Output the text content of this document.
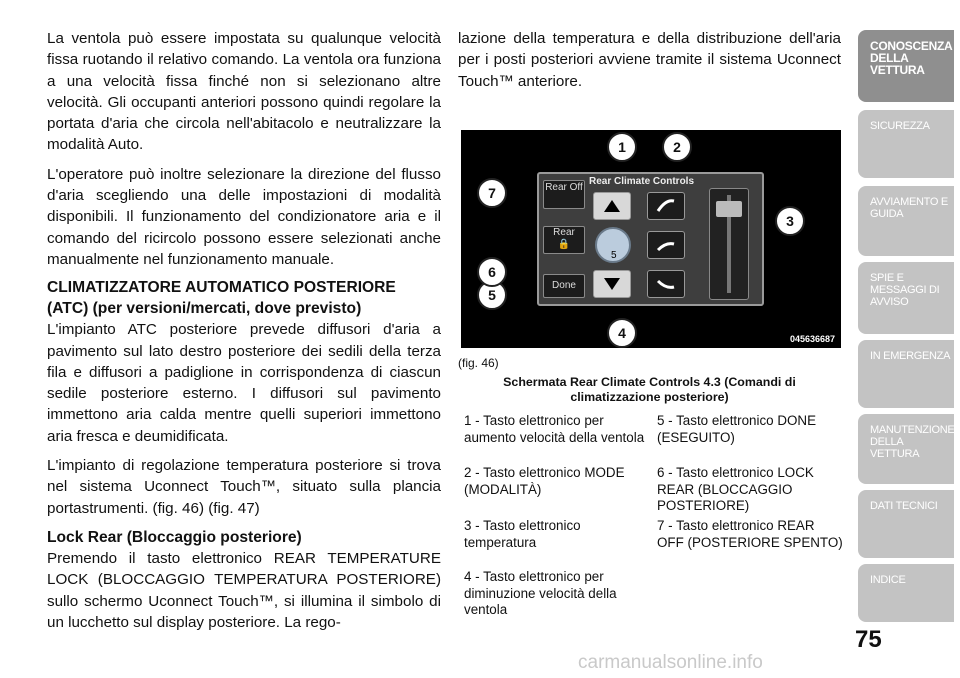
La ventola può essere impostata su qualunque velocità fissa ruotando il relativo comando. La ventola ora funziona a una velocità fissa finché non si selezionano altre velocità. Gli occupanti anteriori possono quindi regolare la portata d'aria che circola nell'abitacolo e neutralizzare la modalità Auto.

L'operatore può inoltre selezionare la direzione del flusso d'aria scegliendo una delle impostazioni di modalità disponibili. Il funzionamento del condizionatore aria e il comando del ricircolo possono essere selezionati anche manualmente nel funzionamento manuale.

CLIMATIZZATORE AUTOMATICO POSTERIORE (ATC) (per versioni/mercati, dove previsto)

L'impianto ATC posteriore prevede diffusori d'aria a pavimento sul lato destro posteriore dei sedili della terza fila e diffusori a padiglione in corrispondenza di ciascun sedile posteriore esterno. I diffusori sul pavimento immettono aria calda mentre quelli superiori immettono aria fresca e deumidificata.

L'impianto di regolazione temperatura posteriore si trova nel sistema Uconnect Touch™, situato sulla plancia portastrumenti. (fig. 46) (fig. 47)

Lock Rear (Bloccaggio posteriore)

Premendo il tasto elettronico REAR TEMPERATURE LOCK (BLOCCAGGIO TEMPERATURA POSTERIORE) sullo schermo Uconnect Touch™, si illumina il simbolo di un lucchetto sul display posteriore. La rego-

lazione della temperatura e della distribuzione dell'aria per i posti posteriori avviene tramite il sistema Uconnect Touch™ anteriore.

Rear Climate Controls
Rear Off
Rear
🔒
Done
5
1	2
3
4
5
6
7
045636687
(fig. 46)
Schermata Rear Climate Controls 4.3 (Comandi di climatizzazione posteriore)
1 - Tasto elettronico per aumento velocità della ventola
2 - Tasto elettronico MODE (MODALITÀ)
3 - Tasto elettronico temperatura
4 - Tasto elettronico per diminuzione velocità della ventola
5 - Tasto elettronico DONE (ESEGUITO)
6 - Tasto elettronico LOCK REAR (BLOCCAGGIO POSTERIORE)
7 - Tasto elettronico REAR OFF (POSTERIORE SPENTO)
CONOSCENZA DELLA VETTURA
SICUREZZA
AVVIAMENTO E GUIDA
SPIE E MESSAGGI DI AVVISO
IN EMERGENZA
MANUTENZIONE DELLA VETTURA
DATI TECNICI
INDICE
75
carmanualsonline.info
